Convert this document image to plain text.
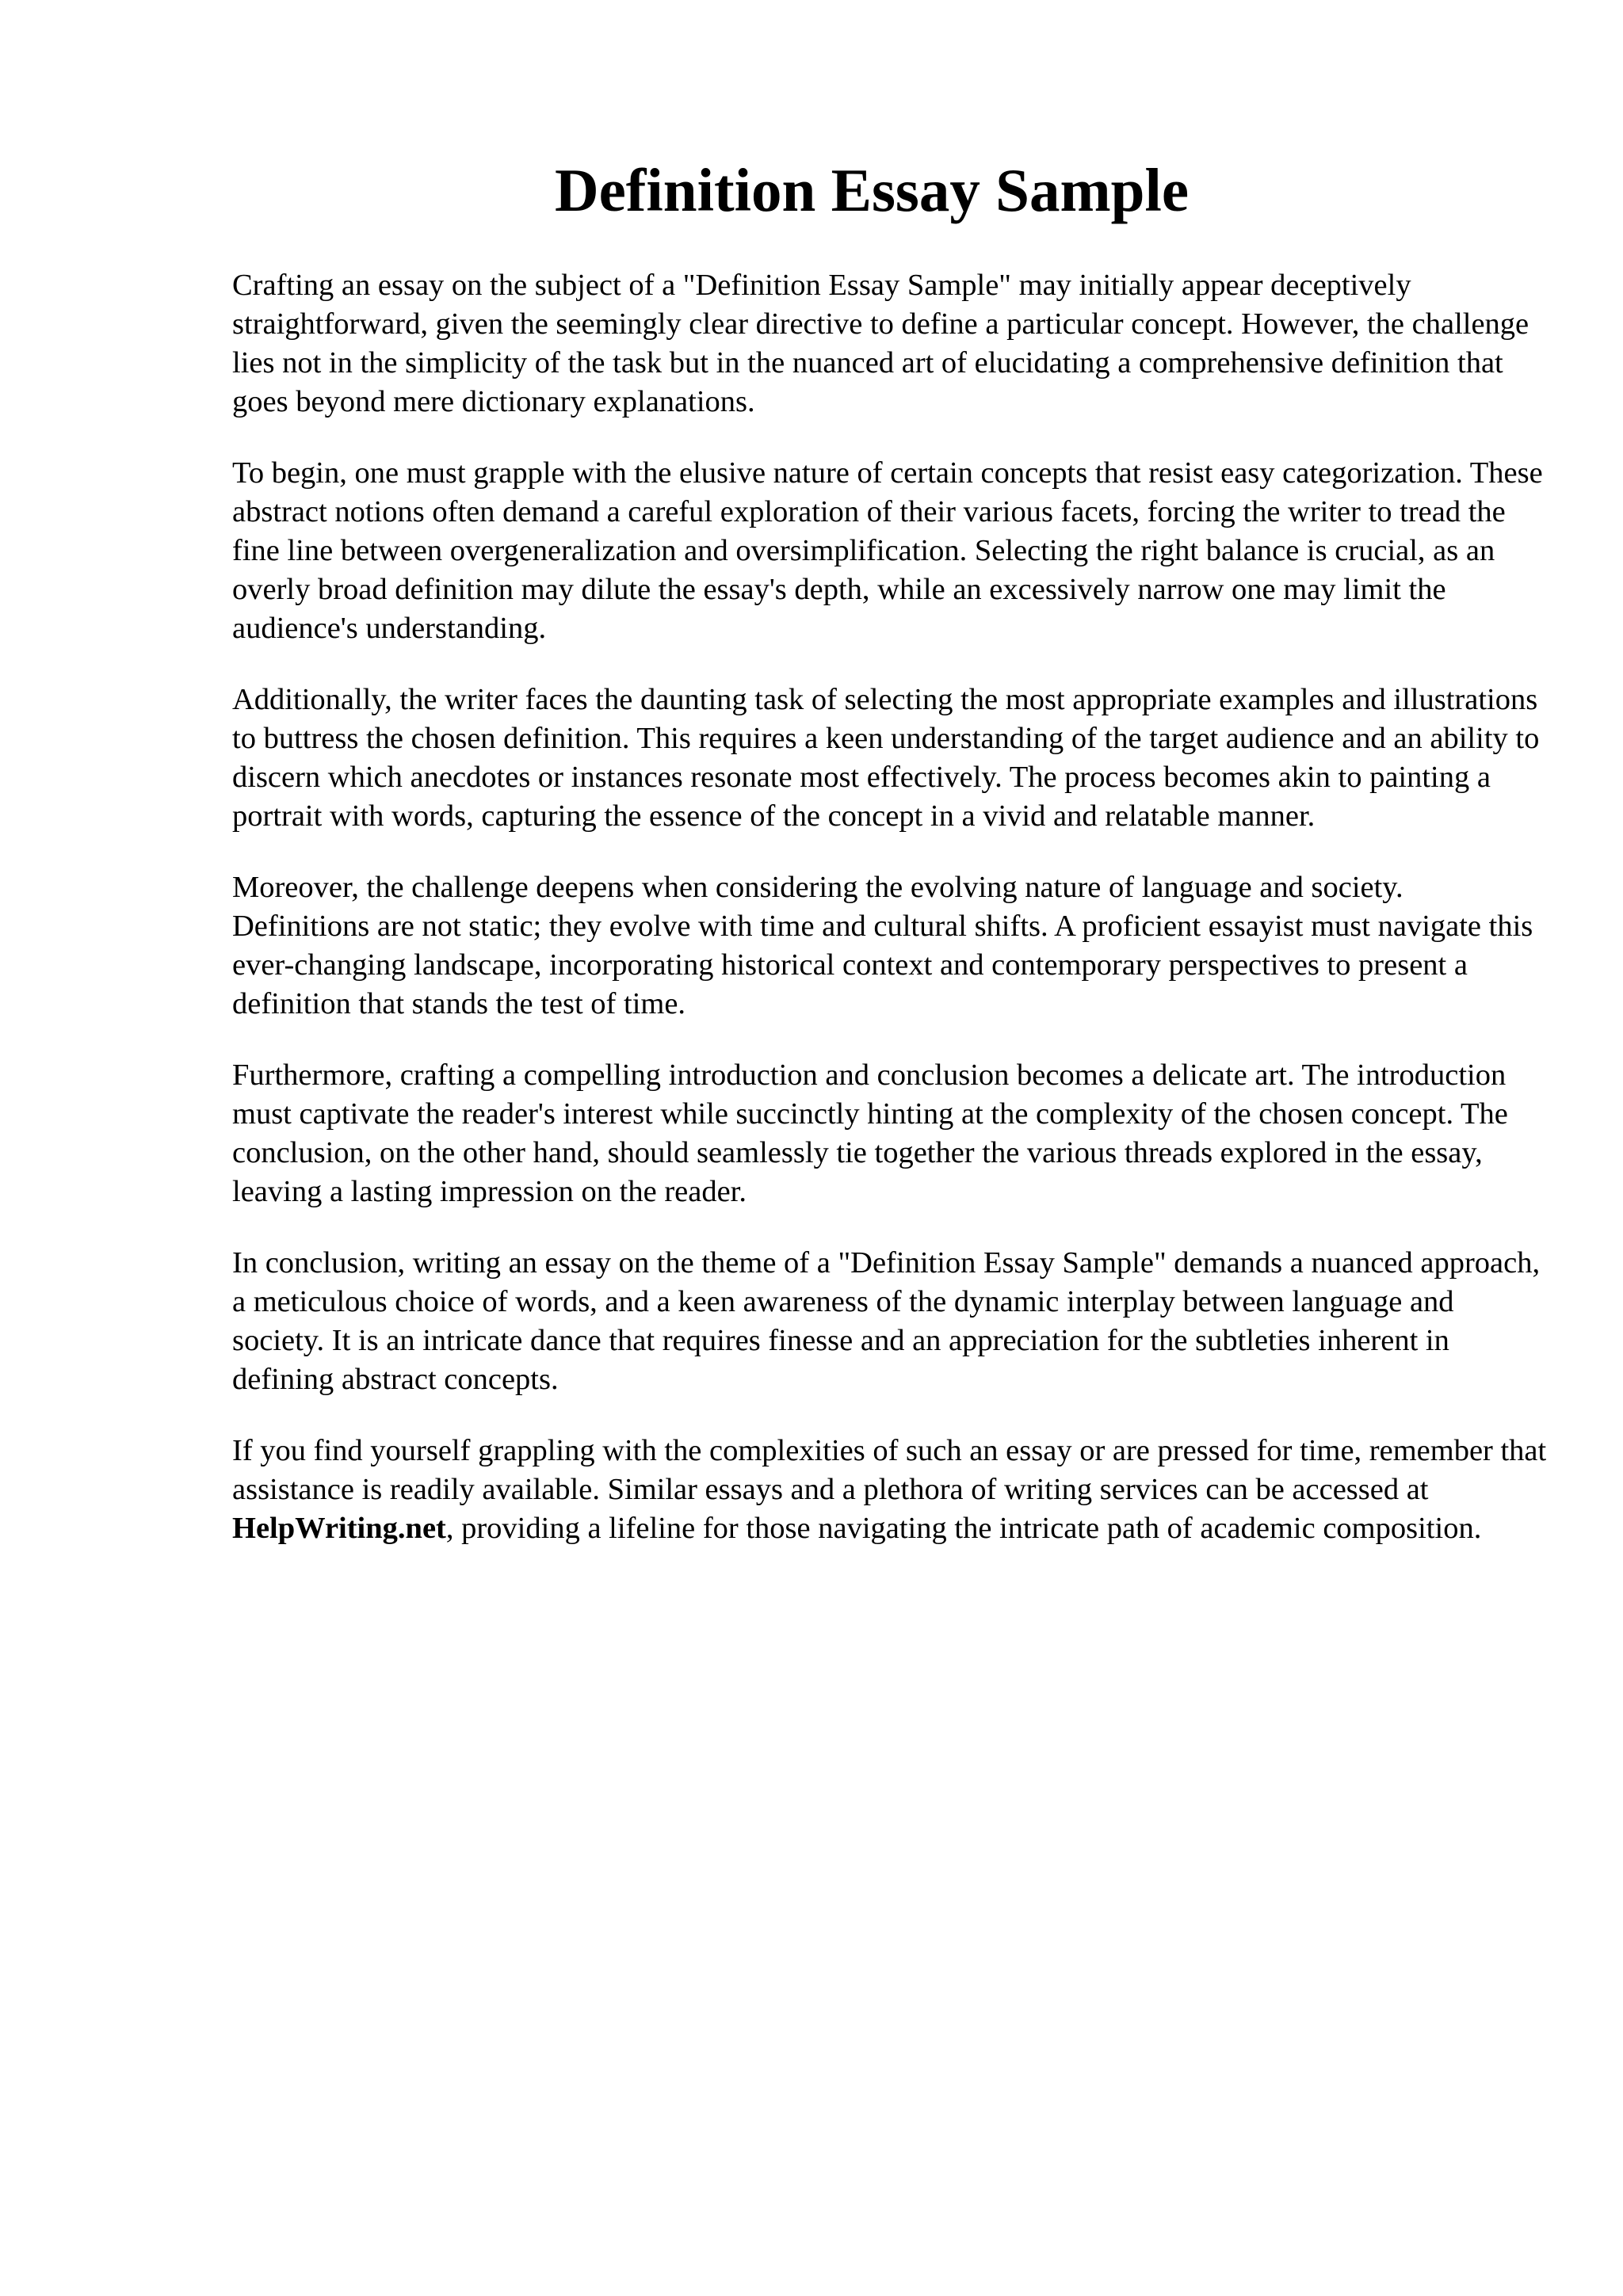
Definition Essay Sample

Crafting an essay on the subject of a "Definition Essay Sample" may initially appear deceptively straightforward, given the seemingly clear directive to define a particular concept. However, the challenge lies not in the simplicity of the task but in the nuanced art of elucidating a comprehensive definition that goes beyond mere dictionary explanations.

To begin, one must grapple with the elusive nature of certain concepts that resist easy categorization. These abstract notions often demand a careful exploration of their various facets, forcing the writer to tread the fine line between overgeneralization and oversimplification. Selecting the right balance is crucial, as an overly broad definition may dilute the essay's depth, while an excessively narrow one may limit the audience's understanding.

Additionally, the writer faces the daunting task of selecting the most appropriate examples and illustrations to buttress the chosen definition. This requires a keen understanding of the target audience and an ability to discern which anecdotes or instances resonate most effectively. The process becomes akin to painting a portrait with words, capturing the essence of the concept in a vivid and relatable manner.

Moreover, the challenge deepens when considering the evolving nature of language and society. Definitions are not static; they evolve with time and cultural shifts. A proficient essayist must navigate this ever-changing landscape, incorporating historical context and contemporary perspectives to present a definition that stands the test of time.

Furthermore, crafting a compelling introduction and conclusion becomes a delicate art. The introduction must captivate the reader's interest while succinctly hinting at the complexity of the chosen concept. The conclusion, on the other hand, should seamlessly tie together the various threads explored in the essay, leaving a lasting impression on the reader.

In conclusion, writing an essay on the theme of a "Definition Essay Sample" demands a nuanced approach, a meticulous choice of words, and a keen awareness of the dynamic interplay between language and society. It is an intricate dance that requires finesse and an appreciation for the subtleties inherent in defining abstract concepts.

If you find yourself grappling with the complexities of such an essay or are pressed for time, remember that assistance is readily available. Similar essays and a plethora of writing services can be accessed at HelpWriting.net, providing a lifeline for those navigating the intricate path of academic composition.
